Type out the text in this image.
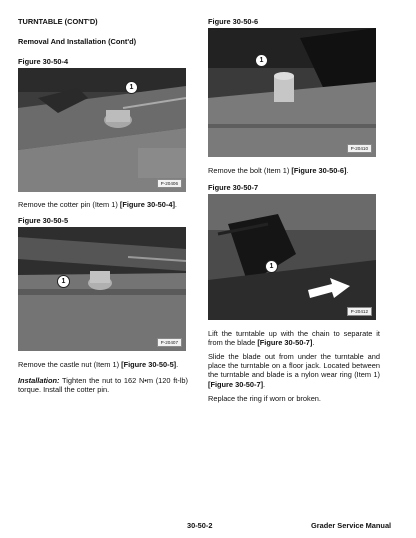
TURNTABLE (CONT'D)
Removal And Installation (Cont'd)
Figure 30-50-4
1
P-20406
Remove the cotter pin (Item 1) [Figure 30-50-4].
Figure 30-50-5
1
P-20407
Remove the castle nut (Item 1) [Figure 30-50-5].
Installation: Tighten the nut to 162 N•m (120 ft-lb) torque. Install the cotter pin.
Figure 30-50-6
1
P-20410
Remove the bolt (Item 1) [Figure 30-50-6].
Figure 30-50-7
1
P-20412
Lift the turntable up with the chain to separate it from the blade [Figure 30-50-7].
Slide the blade out from under the turntable and place the turntable on a floor jack. Located between the turntable and blade is a nylon wear ring (Item 1) [Figure 30-50-7].
Replace the ring if worn or broken.
30-50-2	Grader Service Manual
